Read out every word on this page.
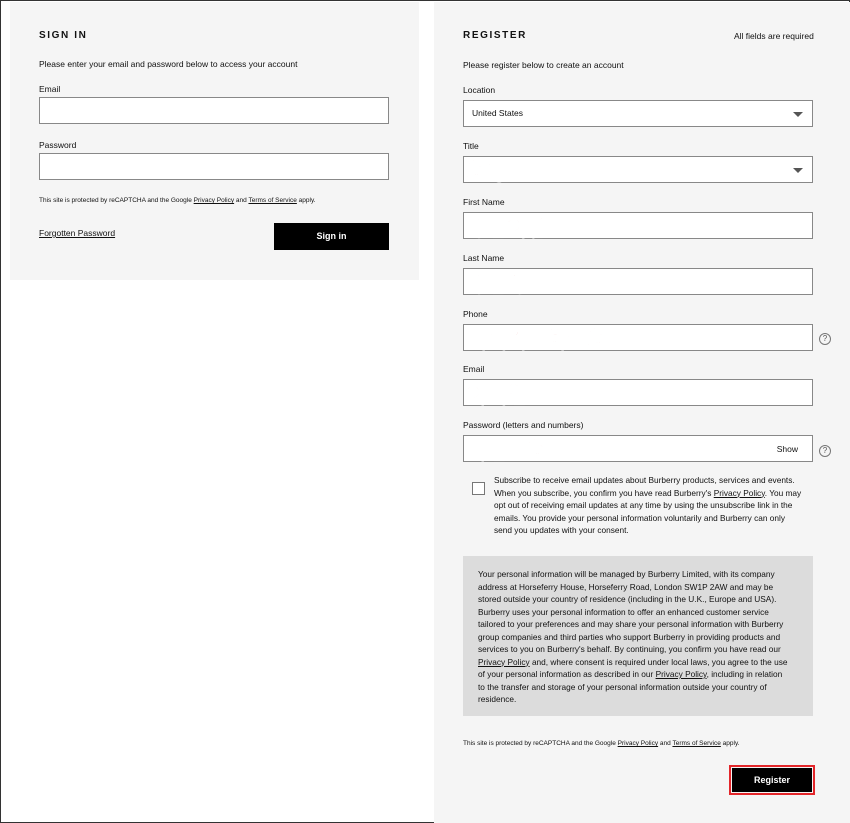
SIGN IN
Please enter your email and password below to access your account
Email
Password
This site is protected by reCAPTCHA and the Google Privacy Policy and Terms of Service apply.
Forgotten Password	Sign in
REGISTER	All fields are required
Please register below to create an account
Location
United States
Title
호칭
First Name
영문이름
Last Name
영문성
Phone
배대지전화번호	?
Email
이메일
Password (letters and numbers)
비밀번호	Show	?
Subscribe to receive email updates about Burberry products, services and events.
When you subscribe, you confirm you have read Burberry's Privacy Policy. You may
opt out of receiving email updates at any time by using the unsubscribe link in the
emails. You provide your personal information voluntarily and Burberry can only
send you updates with your consent.
Your personal information will be managed by Burberry Limited, with its company
address at Horseferry House, Horseferry Road, London SW1P 2AW and may be
stored outside your country of residence (including in the U.K., Europe and USA).
Burberry uses your personal information to offer an enhanced customer service
tailored to your preferences and may share your personal information with Burberry
group companies and third parties who support Burberry in providing products and
services to you on Burberry's behalf. By continuing, you confirm you have read our
Privacy Policy and, where consent is required under local laws, you agree to the use
of your personal information as described in our Privacy Policy, including in relation
to the transfer and storage of your personal information outside your country of
residence.
This site is protected by reCAPTCHA and the Google Privacy Policy and Terms of Service apply.
Register
